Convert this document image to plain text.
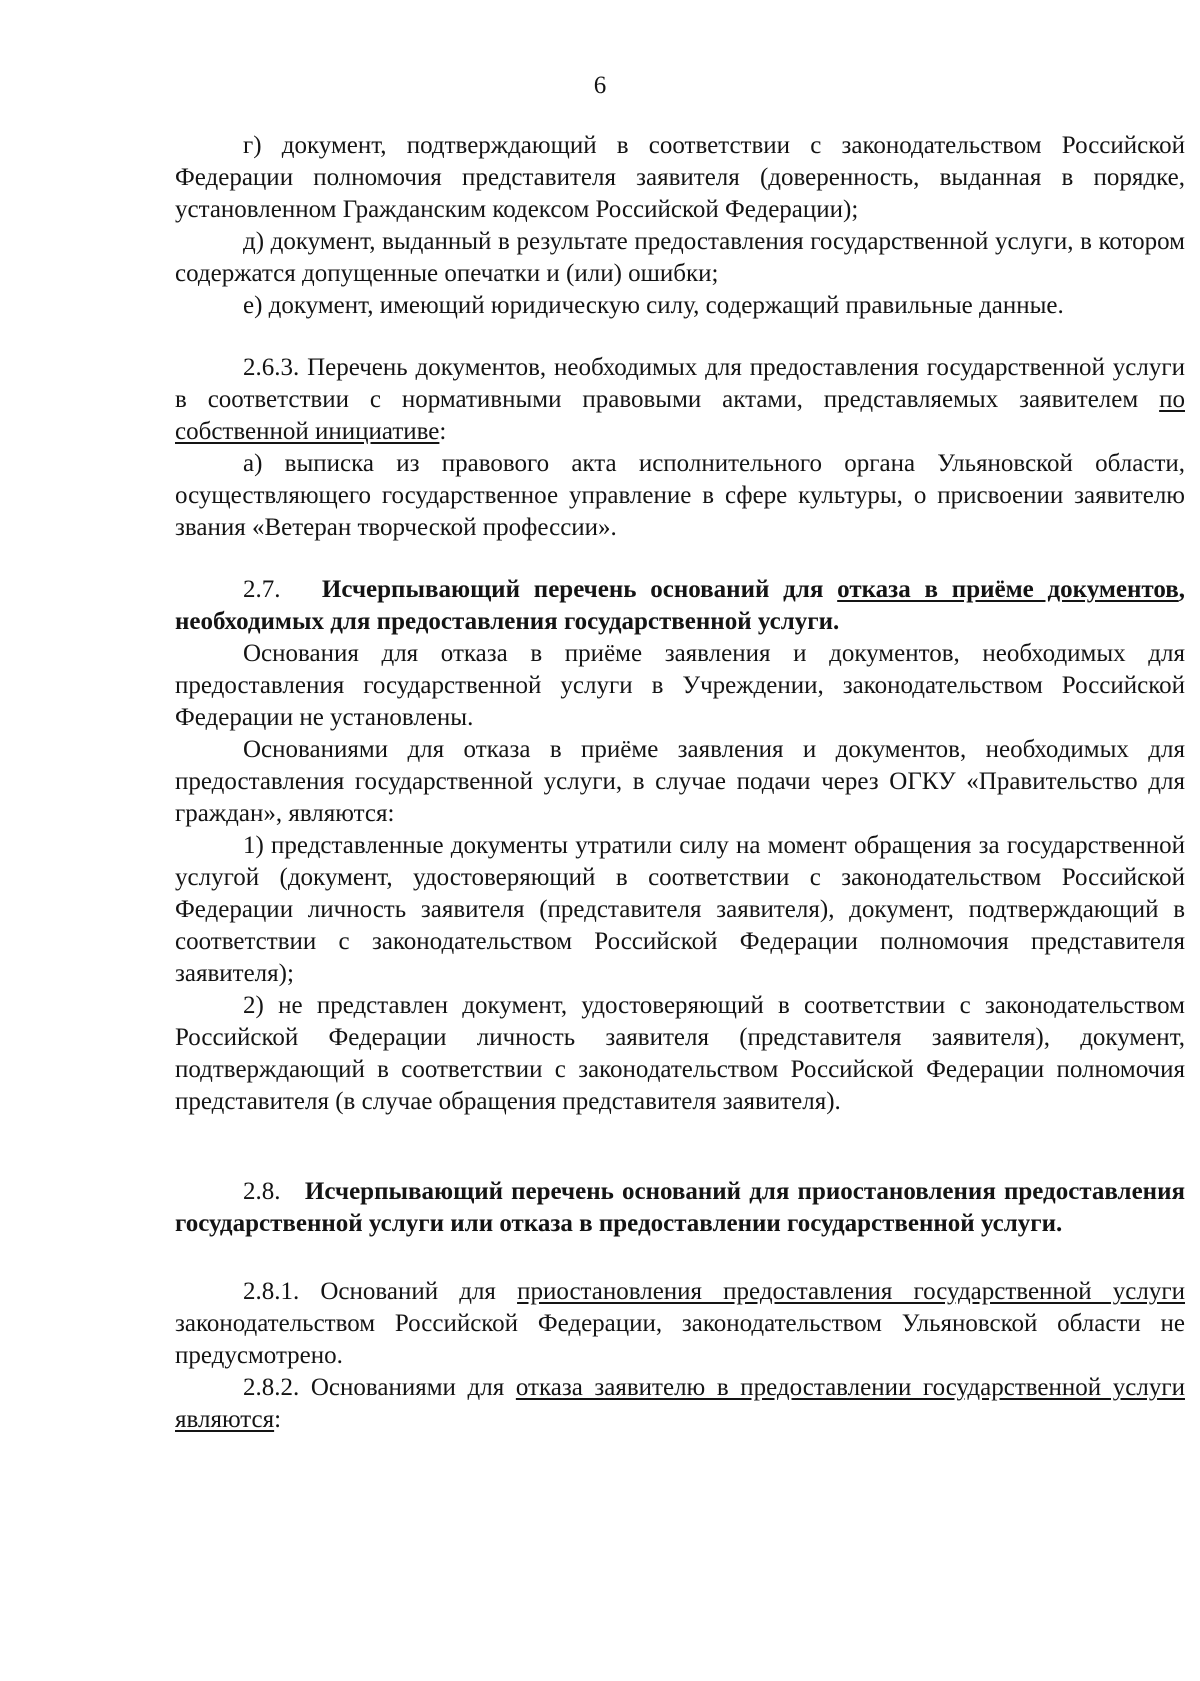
6

г) документ, подтверждающий в соответствии с законодательством Российской Федерации полномочия представителя заявителя (доверенность, выданная в порядке, установленном Гражданским кодексом Российской Федерации);

д) документ, выданный в результате предоставления государственной услуги, в котором содержатся допущенные опечатки и (или) ошибки;

е) документ, имеющий юридическую силу, содержащий правильные данные.

2.6.3. Перечень документов, необходимых для предоставления государственной услуги в соответствии с нормативными правовыми актами, представляемых заявителем по собственной инициативе:

а) выписка из правового акта исполнительного органа Ульяновской области, осуществляющего государственное управление в сфере культуры, о присвоении заявителю звания «Ветеран творческой профессии».

2.7. Исчерпывающий перечень оснований для отказа в приёме документов, необходимых для предоставления государственной услуги.

Основания для отказа в приёме заявления и документов, необходимых для предоставления государственной услуги в Учреждении, законодательством Российской Федерации не установлены.

Основаниями для отказа в приёме заявления и документов, необходимых для предоставления государственной услуги, в случае подачи через ОГКУ «Правительство для граждан», являются:

1) представленные документы утратили силу на момент обращения за государственной услугой (документ, удостоверяющий в соответствии с законодательством Российской Федерации личность заявителя (представителя заявителя), документ, подтверждающий в соответствии с законодательством Российской Федерации полномочия представителя заявителя);

2) не представлен документ, удостоверяющий в соответствии с законодательством Российской Федерации личность заявителя (представителя заявителя), документ, подтверждающий в соответствии с законодательством Российской Федерации полномочия представителя (в случае обращения представителя заявителя).

2.8. Исчерпывающий перечень оснований для приостановления предоставления государственной услуги или отказа в предоставлении государственной услуги.

2.8.1. Оснований для приостановления предоставления государственной услуги законодательством Российской Федерации, законодательством Ульяновской области не предусмотрено.

2.8.2. Основаниями для отказа заявителю в предоставлении государственной услуги являются:
